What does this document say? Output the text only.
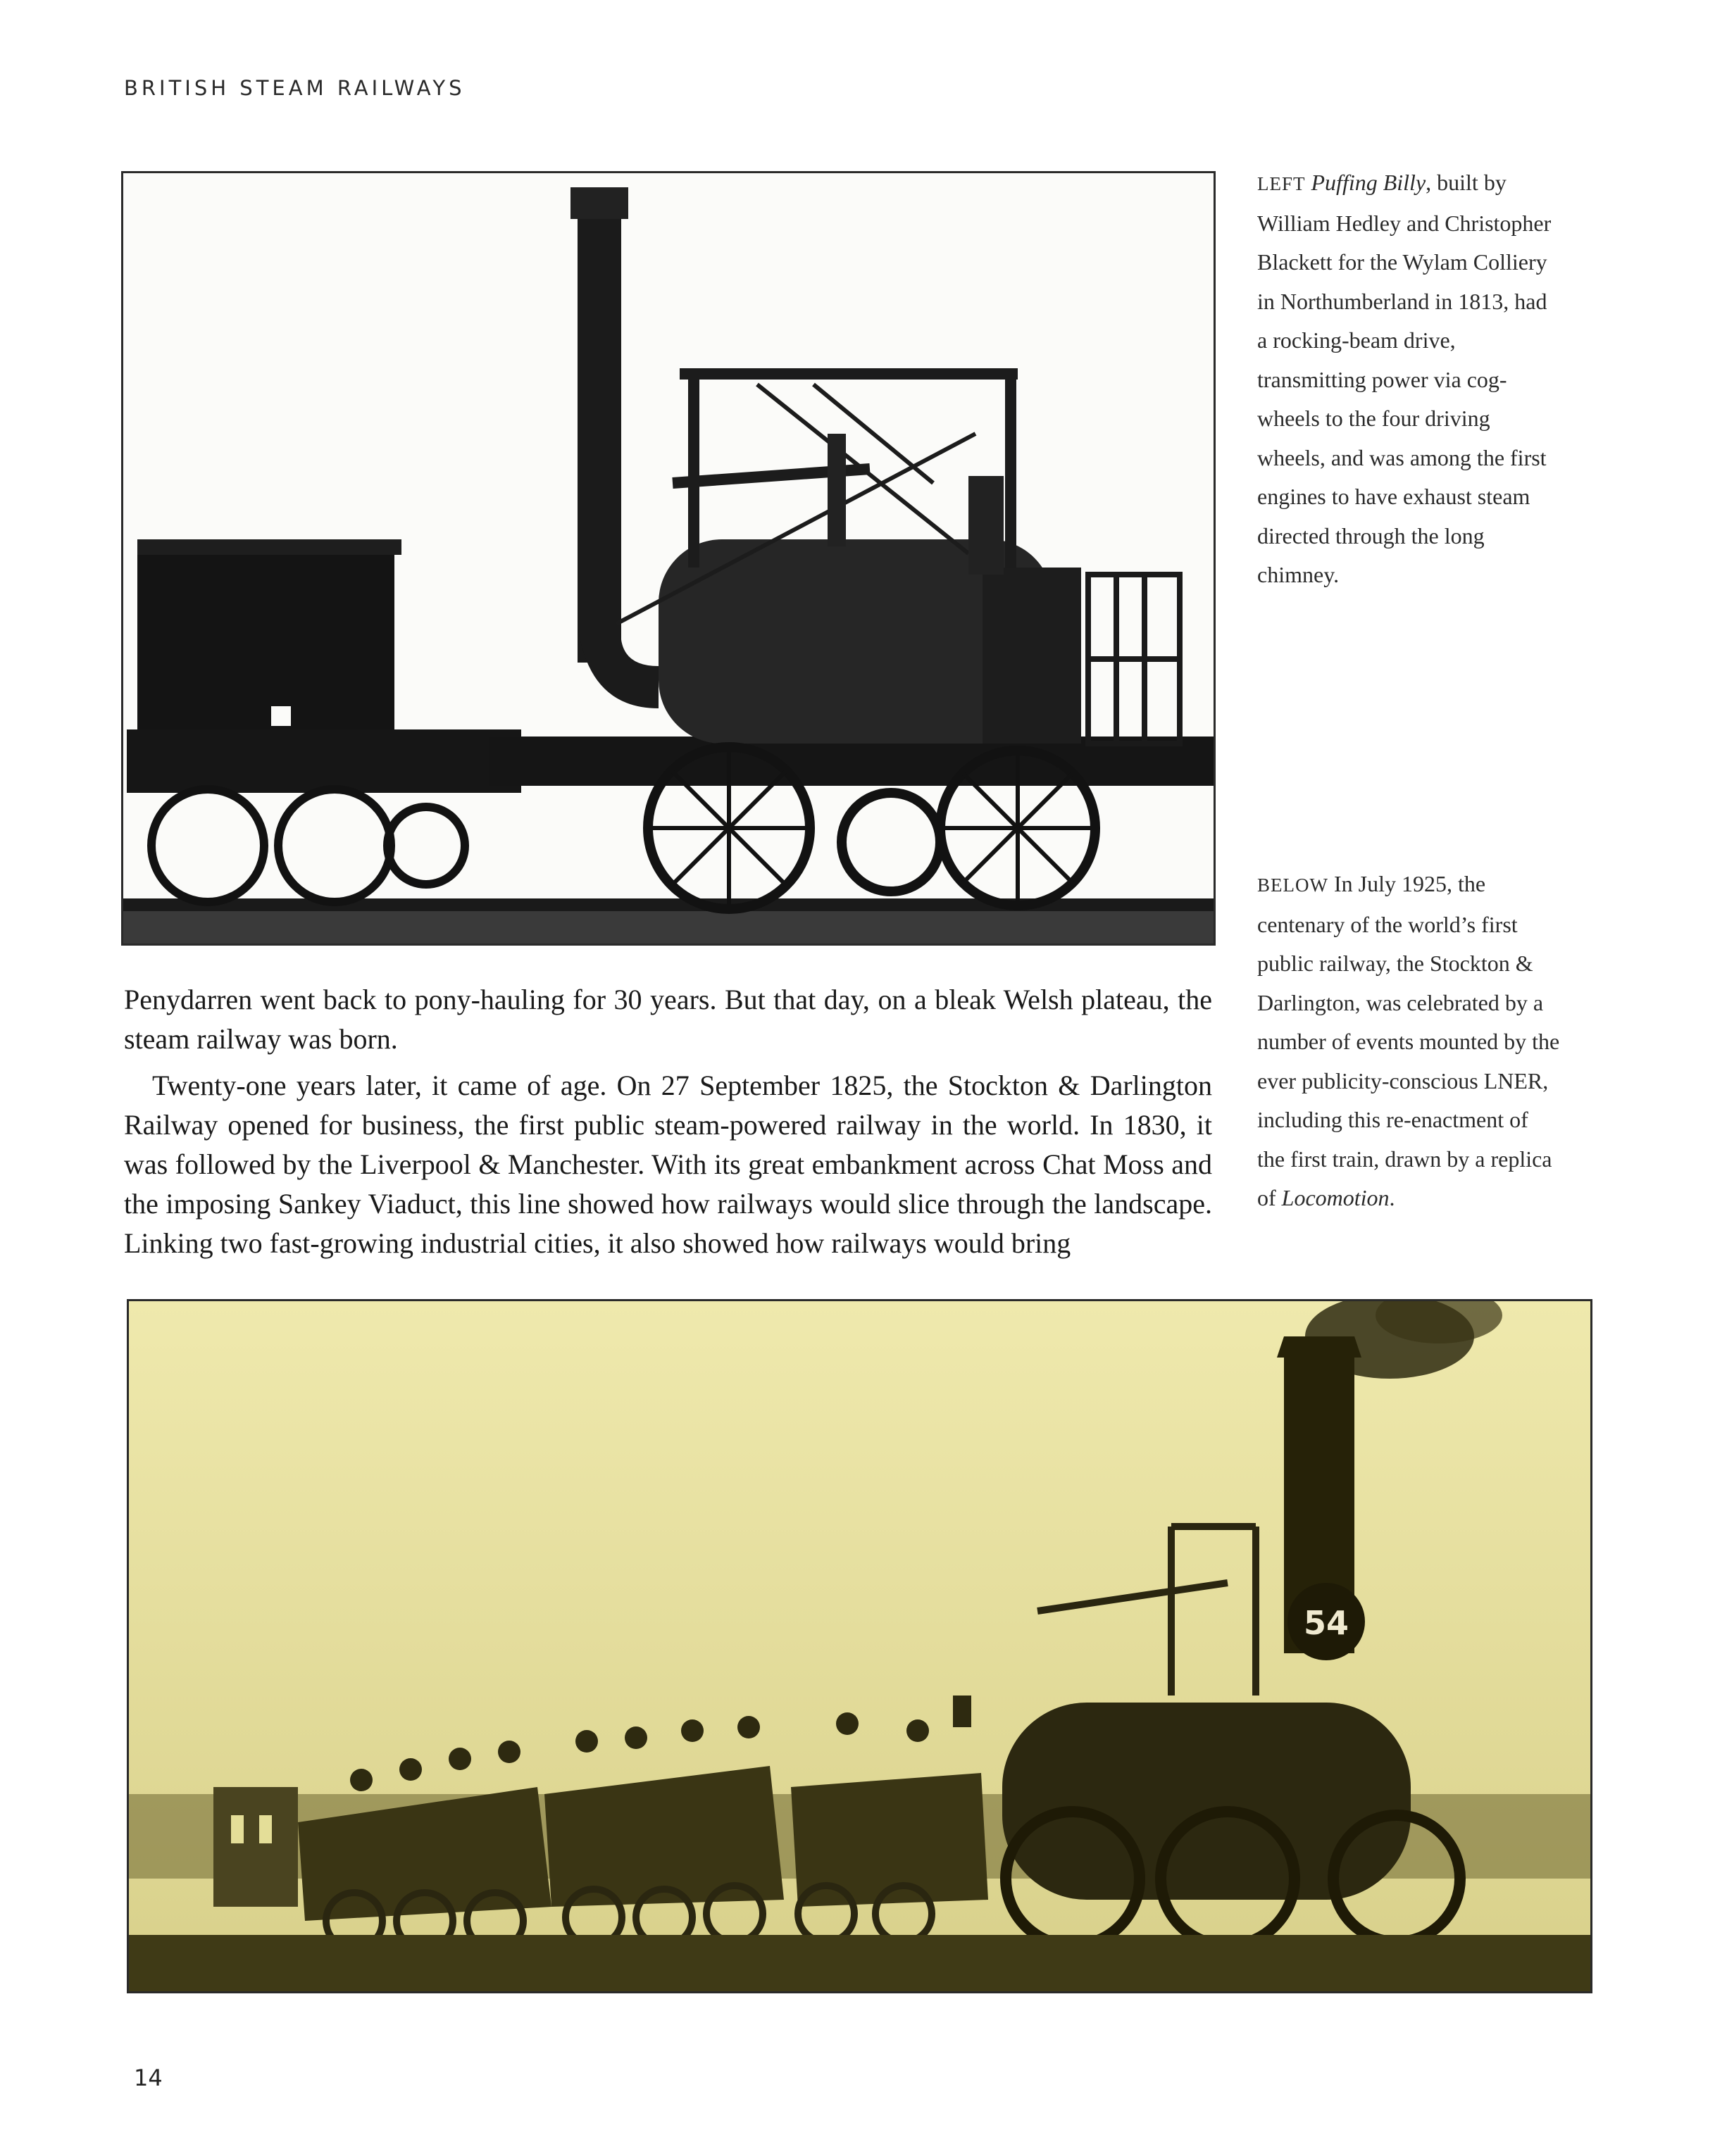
BRITISH STEAM RAILWAYS
LEFT Puffing Billy, built by William Hedley and Christopher Blackett for the Wylam Colliery in Northumberland in 1813, had a rocking-beam drive, transmitting power via cog-wheels to the four driving wheels, and was among the first engines to have exhaust steam directed through the long chimney.
BELOW In July 1925, the centenary of the world’s first public railway, the Stockton & Darlington, was celebrated by a number of events mounted by the ever publicity-conscious LNER, including this re-enactment of the first train, drawn by a replica of Locomotion.

Penydarren went back to pony-hauling for 30 years. But that day, on a bleak Welsh plateau, the steam railway was born.

Twenty-one years later, it came of age. On 27 September 1825, the Stockton & Darlington Railway opened for business, the first public steam-powered railway in the world. In 1830, it was followed by the Liverpool & Manchester. With its great embankment across Chat Moss and the imposing Sankey Viaduct, this line showed how railways would slice through the landscape. Linking two fast-growing industrial cities, it also showed how railways would bring

54
14
